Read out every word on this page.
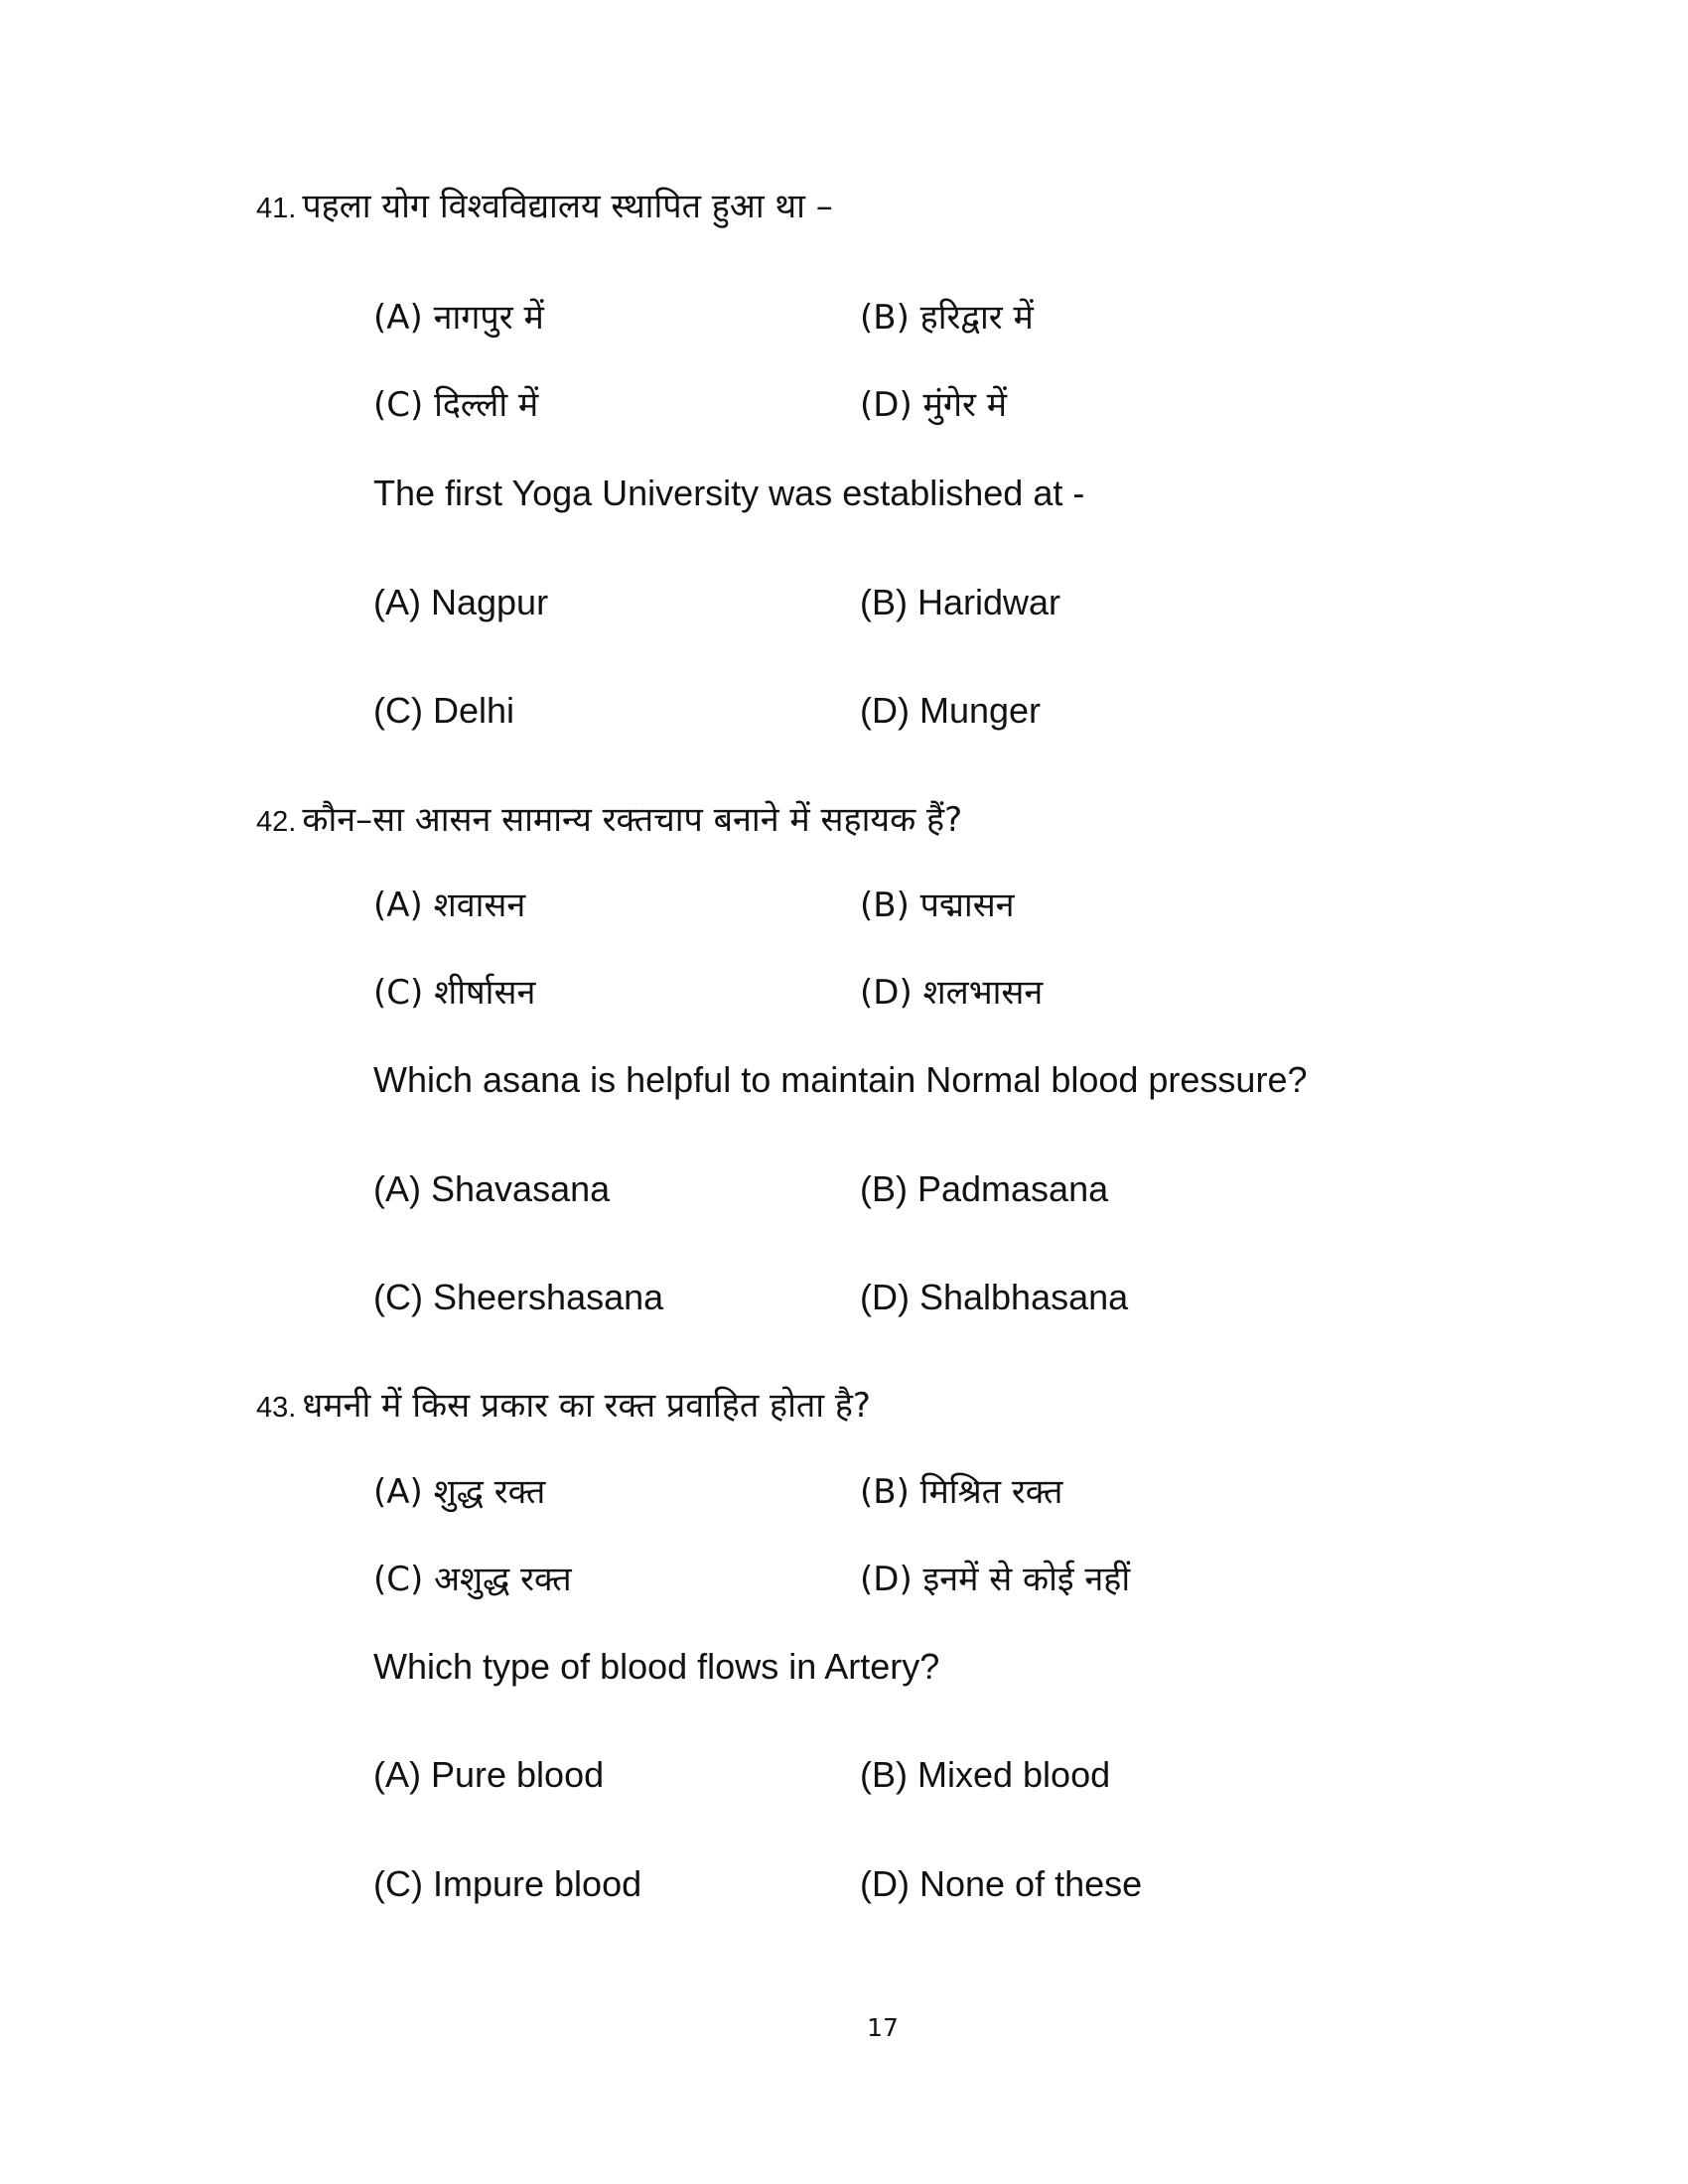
41. पहला योग विश्वविद्यालय स्थापित हुआ था –
(A) नागपुर में	(B) हरिद्वार में
(C) दिल्ली में	(D) मुंगेर में
The first Yoga University was established at -
(A) Nagpur	(B) Haridwar
(C) Delhi	(D) Munger
42. कौन–सा आसन सामान्य रक्तचाप बनाने में सहायक हैं?
(A) शवासन	(B) पद्मासन
(C) शीर्षासन	(D) शलभासन
Which asana is helpful to maintain Normal blood pressure?
(A) Shavasana	(B) Padmasana
(C) Sheershasana	(D) Shalbhasana
43. धमनी में किस प्रकार का रक्त प्रवाहित होता है?
(A) शुद्ध रक्त	(B) मिश्रित रक्त
(C) अशुद्ध रक्त	(D) इनमें से कोई नहीं
Which type of blood flows in Artery?
(A) Pure blood	(B) Mixed blood
(C) Impure blood	(D) None of these
17
